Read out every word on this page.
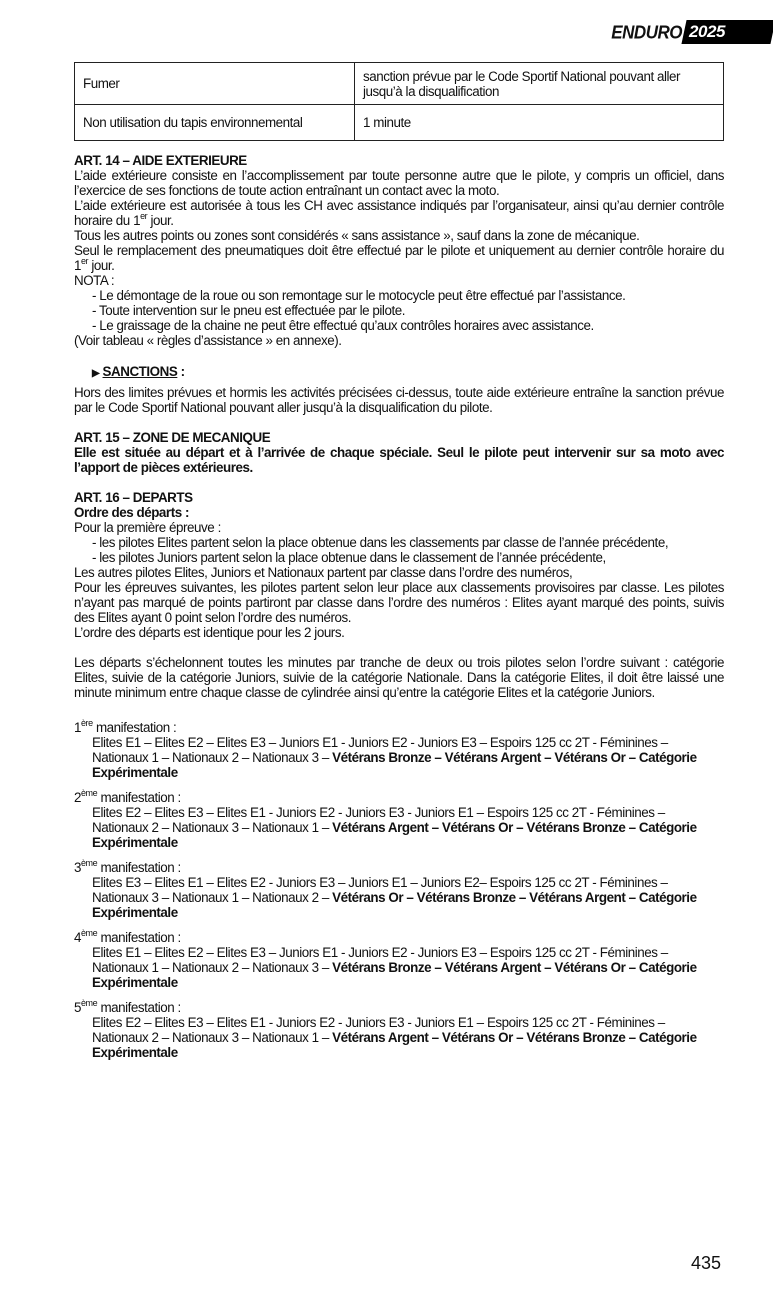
ENDURO 2025
Fumer	sanction prévue par le Code Sportif National pouvant aller jusqu’à la disqualification
Non utilisation du tapis environnemental	1 minute

ART. 14 – AIDE EXTERIEURE

L’aide extérieure consiste en l’accomplissement par toute personne autre que le pilote, y compris un officiel, dans l’exercice de ses fonctions de toute action entraînant un contact avec la moto.

L’aide extérieure est autorisée à tous les CH avec assistance indiqués par l’organisateur, ainsi qu’au dernier contrôle horaire du 1er jour.

Tous les autres points ou zones sont considérés « sans assistance », sauf dans la zone de mécanique.

Seul le remplacement des pneumatiques doit être effectué par le pilote et uniquement au dernier contrôle horaire du 1er jour.

NOTA :

- Le démontage de la roue ou son remontage sur le motocycle peut être effectué par l’assistance.

- Toute intervention sur le pneu est effectuée par le pilote.

- Le graissage de la chaine ne peut être effectué qu’aux contrôles horaires avec assistance.

(Voir tableau « règles d’assistance » en annexe).

▶ SANCTIONS :

Hors des limites prévues et hormis les activités précisées ci-dessus, toute aide extérieure entraîne la sanction prévue par le Code Sportif National pouvant aller jusqu’à la disqualification du pilote.

ART. 15 – ZONE DE MECANIQUE

Elle est située au départ et à l’arrivée de chaque spéciale. Seul le pilote peut intervenir sur sa moto avec l’apport de pièces extérieures.

ART. 16 – DEPARTS

Ordre des départs :

Pour la première épreuve :

- les pilotes Elites partent selon la place obtenue dans les classements par classe de l’année précédente,

- les pilotes Juniors partent selon la place obtenue dans le classement de l’année précédente,

Les autres pilotes Elites, Juniors et Nationaux partent par classe dans l’ordre des numéros,

Pour les épreuves suivantes, les pilotes partent selon leur place aux classements provisoires par classe. Les pilotes n’ayant pas marqué de points partiront par classe dans l’ordre des numéros : Elites ayant marqué des points, suivis des Elites ayant 0 point selon l’ordre des numéros.

L’ordre des départs est identique pour les 2 jours.

Les départs s’échelonnent toutes les minutes par tranche de deux ou trois pilotes selon l’ordre suivant : catégorie Elites, suivie de la catégorie Juniors, suivie de la catégorie Nationale. Dans la catégorie Elites, il doit être laissé une minute minimum entre chaque classe de cylindrée ainsi qu’entre la catégorie Elites et la catégorie Juniors.

1ère manifestation :

Elites E1 – Elites E2 – Elites E3 – Juniors E1 - Juniors E2 - Juniors E3 – Espoirs 125 cc 2T - Féminines – Nationaux 1 – Nationaux 2 – Nationaux 3 – Vétérans Bronze – Vétérans Argent – Vétérans Or – Catégorie Expérimentale

2ème manifestation :

Elites E2 – Elites E3 – Elites E1 - Juniors E2 - Juniors E3 - Juniors E1 – Espoirs 125 cc 2T - Féminines – Nationaux 2 – Nationaux 3 – Nationaux 1 – Vétérans Argent – Vétérans Or – Vétérans Bronze – Catégorie Expérimentale

3ème manifestation :

Elites E3 – Elites E1 – Elites E2 - Juniors E3 – Juniors E1 – Juniors E2– Espoirs 125 cc 2T - Féminines – Nationaux 3 – Nationaux 1 – Nationaux 2 – Vétérans Or – Vétérans Bronze – Vétérans Argent – Catégorie Expérimentale

4ème manifestation :

Elites E1 – Elites E2 – Elites E3 – Juniors E1 - Juniors E2 - Juniors E3 – Espoirs 125 cc 2T - Féminines – Nationaux 1 – Nationaux 2 – Nationaux 3 – Vétérans Bronze – Vétérans Argent – Vétérans Or – Catégorie Expérimentale

5ème manifestation :

Elites E2 – Elites E3 – Elites E1 - Juniors E2 - Juniors E3 - Juniors E1 – Espoirs 125 cc 2T - Féminines – Nationaux 2 – Nationaux 3 – Nationaux 1 – Vétérans Argent – Vétérans Or – Vétérans Bronze – Catégorie Expérimentale

435
